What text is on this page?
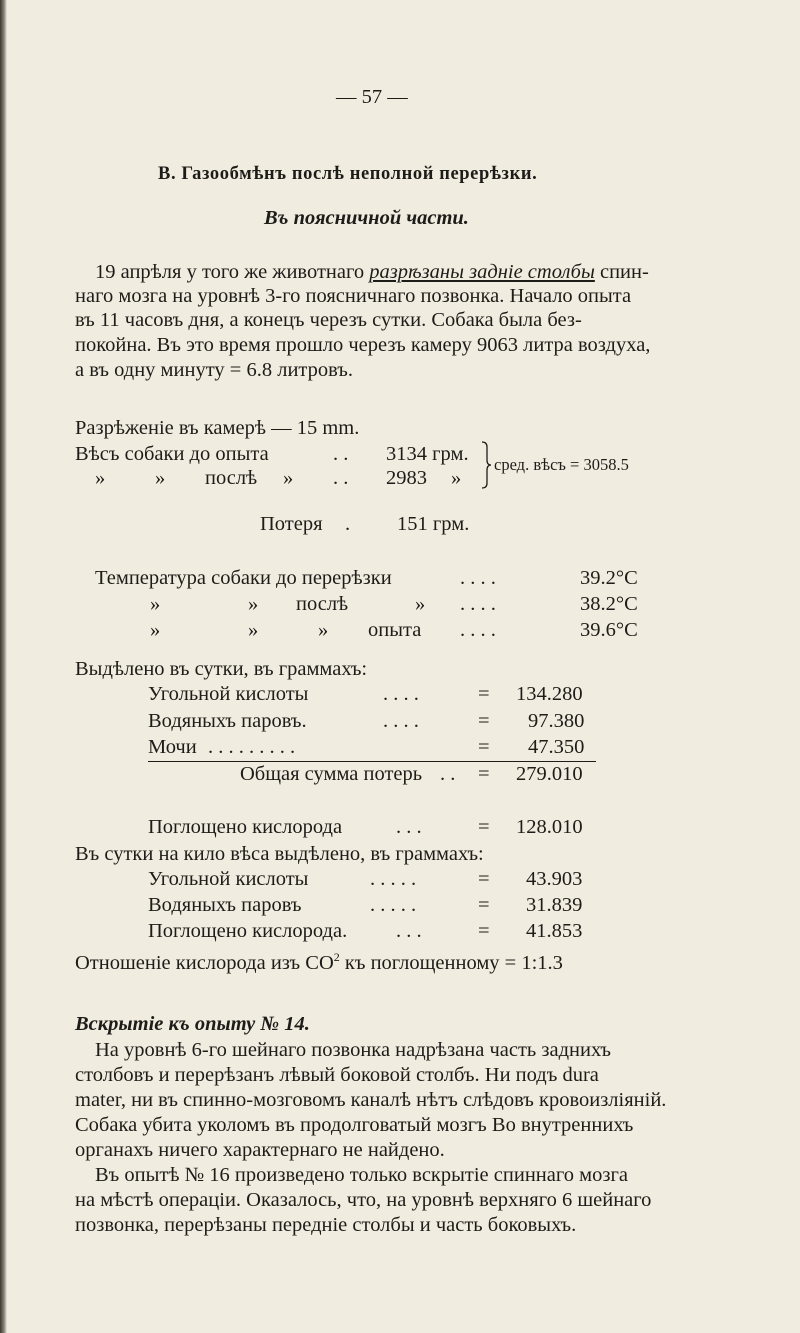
— 57 —
В. Газообмѣнъ послѣ неполной перерѣзки.
Въ поясничной части.
19 апрѣля у того же животнаго разрѣзаны заднiе столбы спин-
наго мозга на уровнѣ 3-го поясничнаго позвонка. Начало опыта
въ 11 часовъ дня, а конецъ черезъ сутки. Собака была без-
покойна. Въ это время прошло черезъ камеру 9063 литра воздуха,
а въ одну минуту = 6.8 литровъ.
Разрѣженiе въ камерѣ — 15 mm.
Вѣсъ собаки до опыта	. . 3134 грм.
» » послѣ » . . 2983 »
сред. вѣсъ = 3058.5
Потеря . 151 грм.
Температура собаки до перерѣзки	. . . .	39.2°C
»	» послѣ	» . . . .	38.2°C
»	»	» опыта . . . .	39.6°C
Выдѣлено въ сутки, въ граммахъ:
Угольной кислоты	. . . .	= 134.280
Водяныхъ паровъ.	. . . .	= 97.380
Мочи . . . . . . . . .	= 47.350
Общая сумма потерь . . = 279.010
Поглощено кислорода	. . .	= 128.010
Въ сутки на кило вѣса выдѣлено, въ граммахъ:
Угольной кислоты	. . . . .	= 43.903
Водяныхъ паровъ	. . . . .	= 31.839
Поглощено кислорода. . . .	= 41.853
Отношенiе кислорода изъ $CO^2$ къ поглощенному = 1:1.3
Вскрытiе къ опыту № 14.
На уровнѣ 6-го шейнаго позвонка надрѣзана часть заднихъ
столбовъ и перерѣзанъ лѣвый боковой столбъ. Ни подъ dura
mater, ни въ спинно-мозговомъ каналѣ нѣтъ слѣдовъ кровоизлiянiй.
Собака убита уколомъ въ продолговатый мозгъ Во внутреннихъ
органахъ ничего характернаго не найдено.
Въ опытѣ № 16 произведено только вскрытiе спиннаго мозга
на мѣстѣ операцiи. Оказалось, что, на уровнѣ верхняго 6 шейнаго
позвонка, перерѣзаны переднiе столбы и часть боковыхъ.
